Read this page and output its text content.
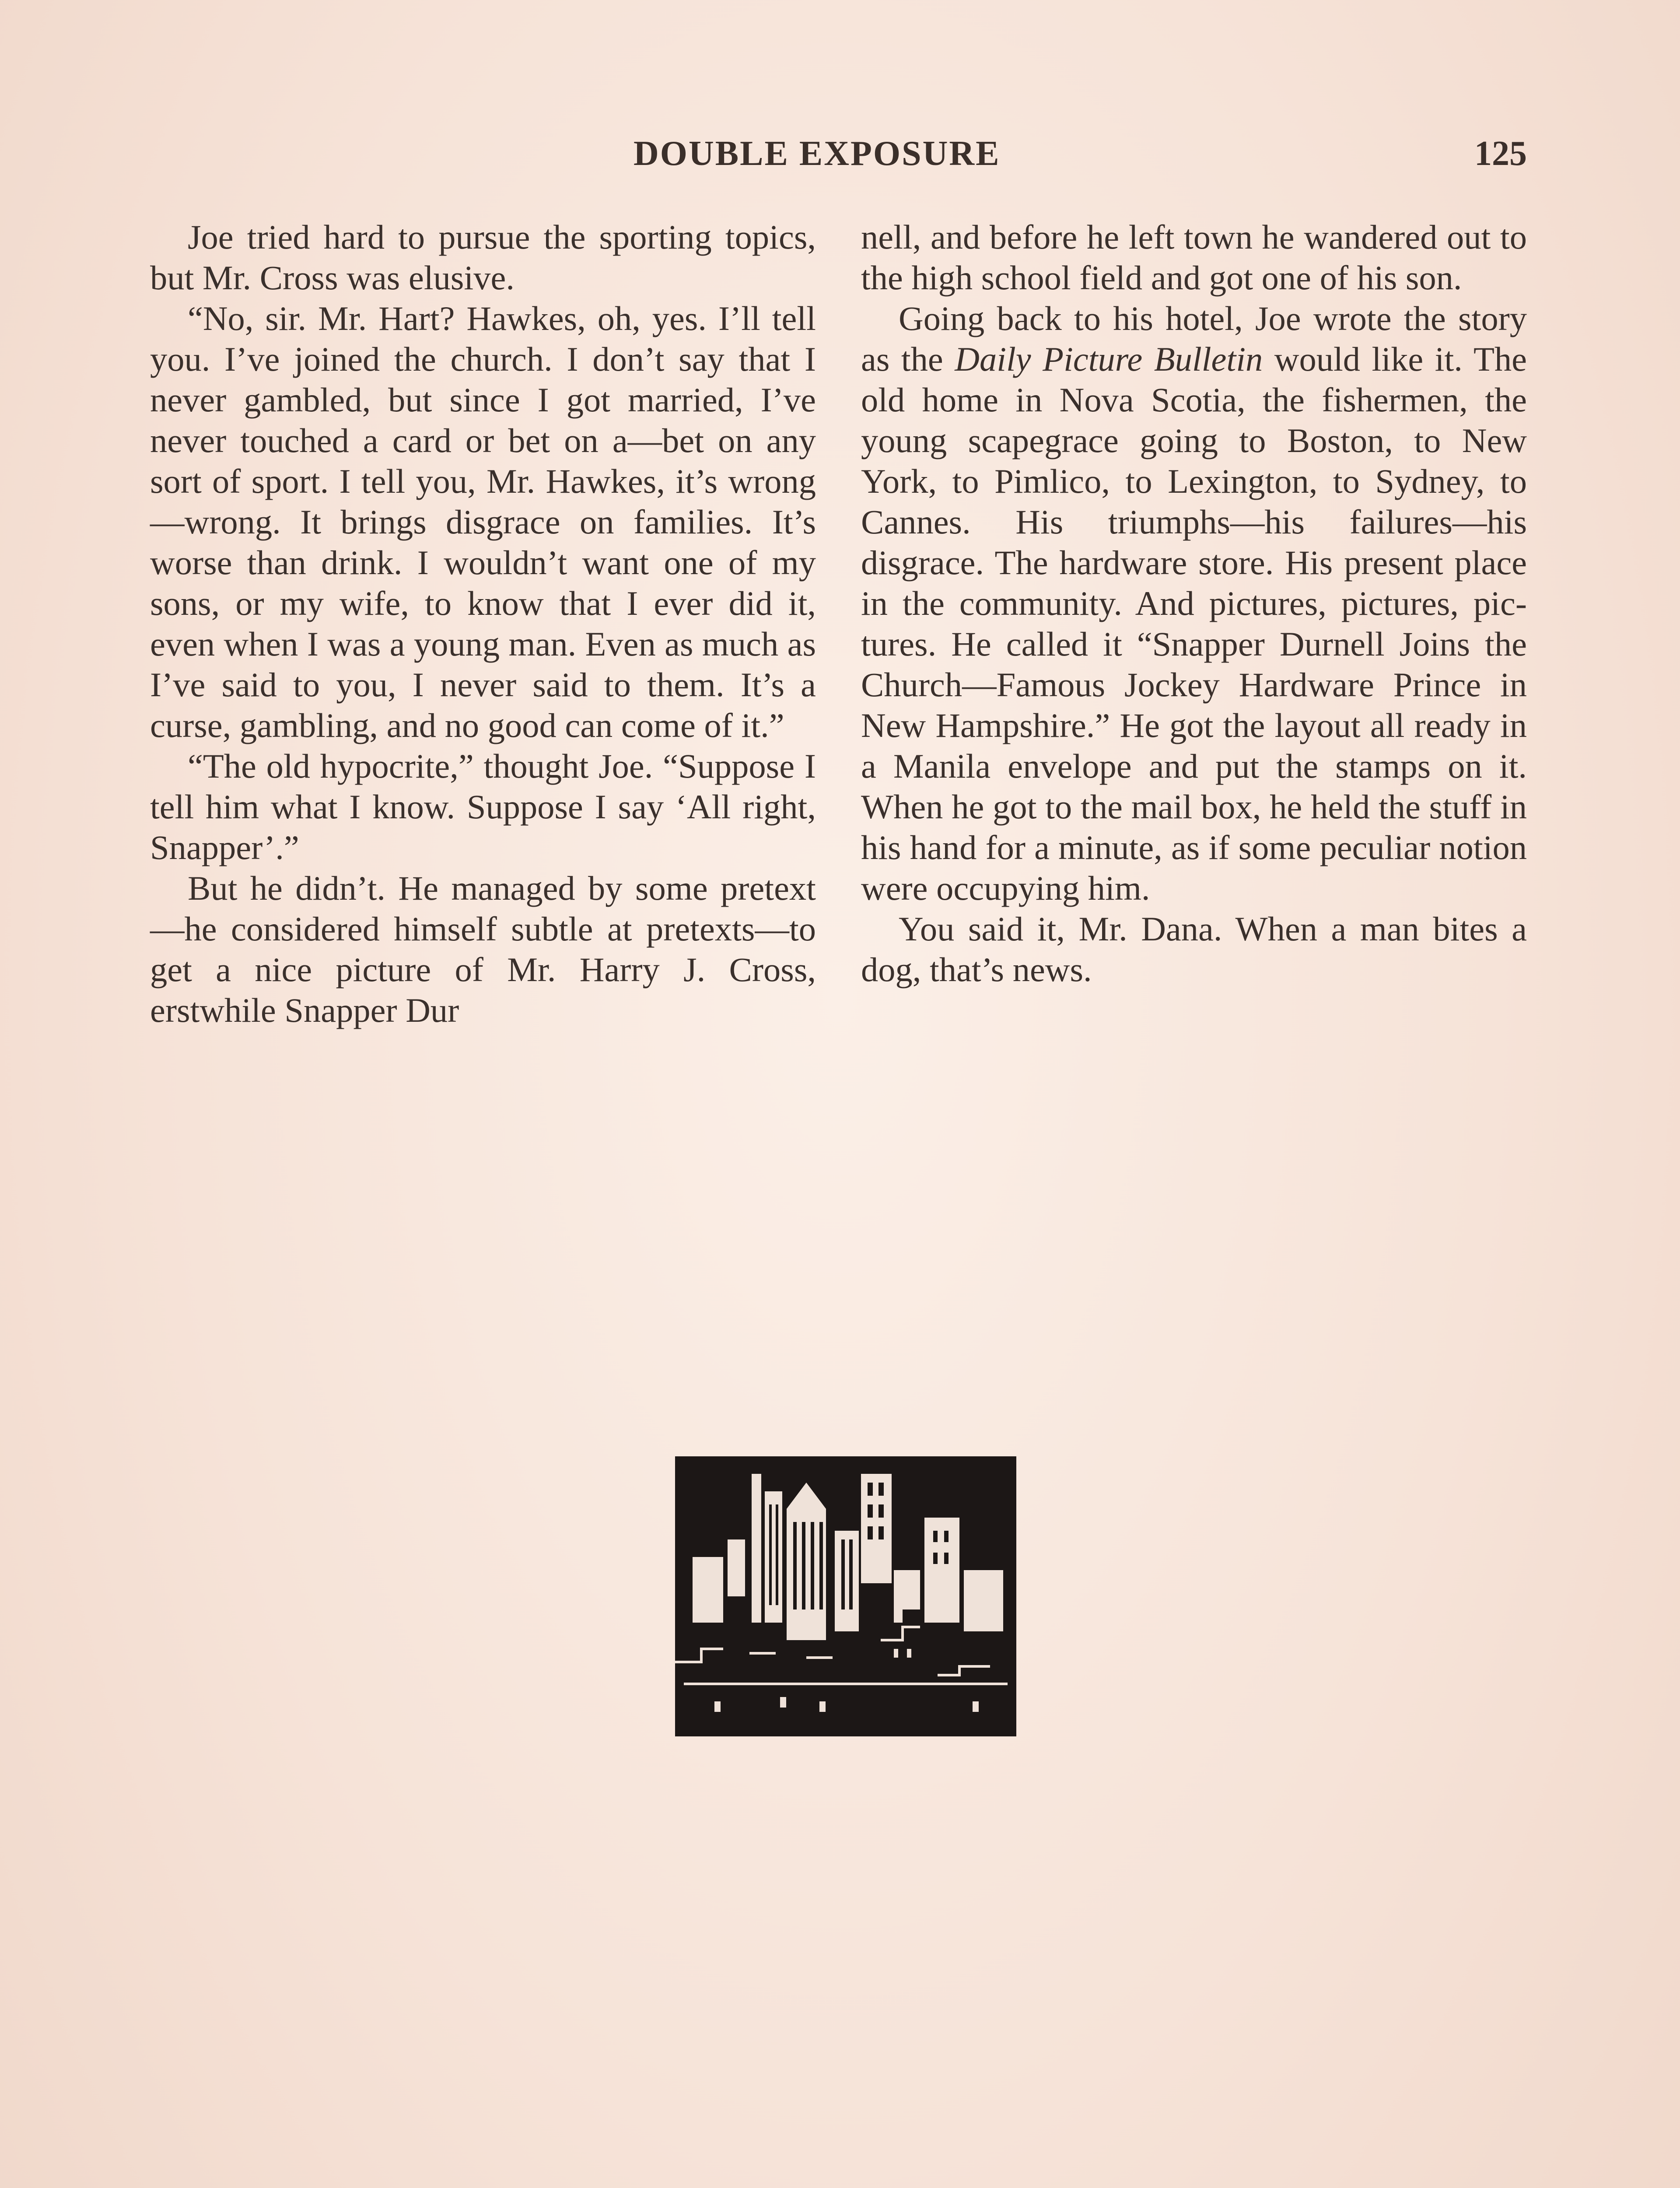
DOUBLE EXPOSURE	125

Joe tried hard to pursue the sporting topics, but Mr. Cross was elusive.

“No, sir. Mr. Hart? Hawkes, oh, yes. I’ll tell you. I’ve joined the church. I don’t say that I never gambled, but since I got married, I’ve never touched a card or bet on a—bet on any sort of sport. I tell you, Mr. Hawkes, it’s wrong—wrong. It brings disgrace on families. It’s worse than drink. I wouldn’t want one of my sons, or my wife, to know that I ever did it, even when I was a young man. Even as much as I’ve said to you, I never said to them. It’s a curse, gambling, and no good can come of it.”

“The old hypocrite,” thought Joe. “Suppose I tell him what I know. Suppose I say ‘All right, Snapper’.”

But he didn’t. He managed by some pretext—he considered himself subtle at pretexts—to get a nice picture of Mr. Harry J. Cross, erstwhile Snapper Dur

nell, and before he left town he wandered out to the high school field and got one of his son.

Going back to his hotel, Joe wrote the story as the Daily Picture Bulletin would like it. The old home in Nova Scotia, the fishermen, the young scapegrace going to Boston, to New York, to Pimlico, to Lexington, to Sydney, to Cannes. His triumphs—his failures—his disgrace. The hardware store. His present place in the community. And pictures, pictures, pictures. He called it “Snapper Durnell Joins the Church—Famous Jockey Hardware Prince in New Hampshire.” He got the layout all ready in a Manila envelope and put the stamps on it. When he got to the mail box, he held the stuff in his hand for a minute, as if some peculiar notion were occupying him.

You said it, Mr. Dana. When a man bites a dog, that’s news.
